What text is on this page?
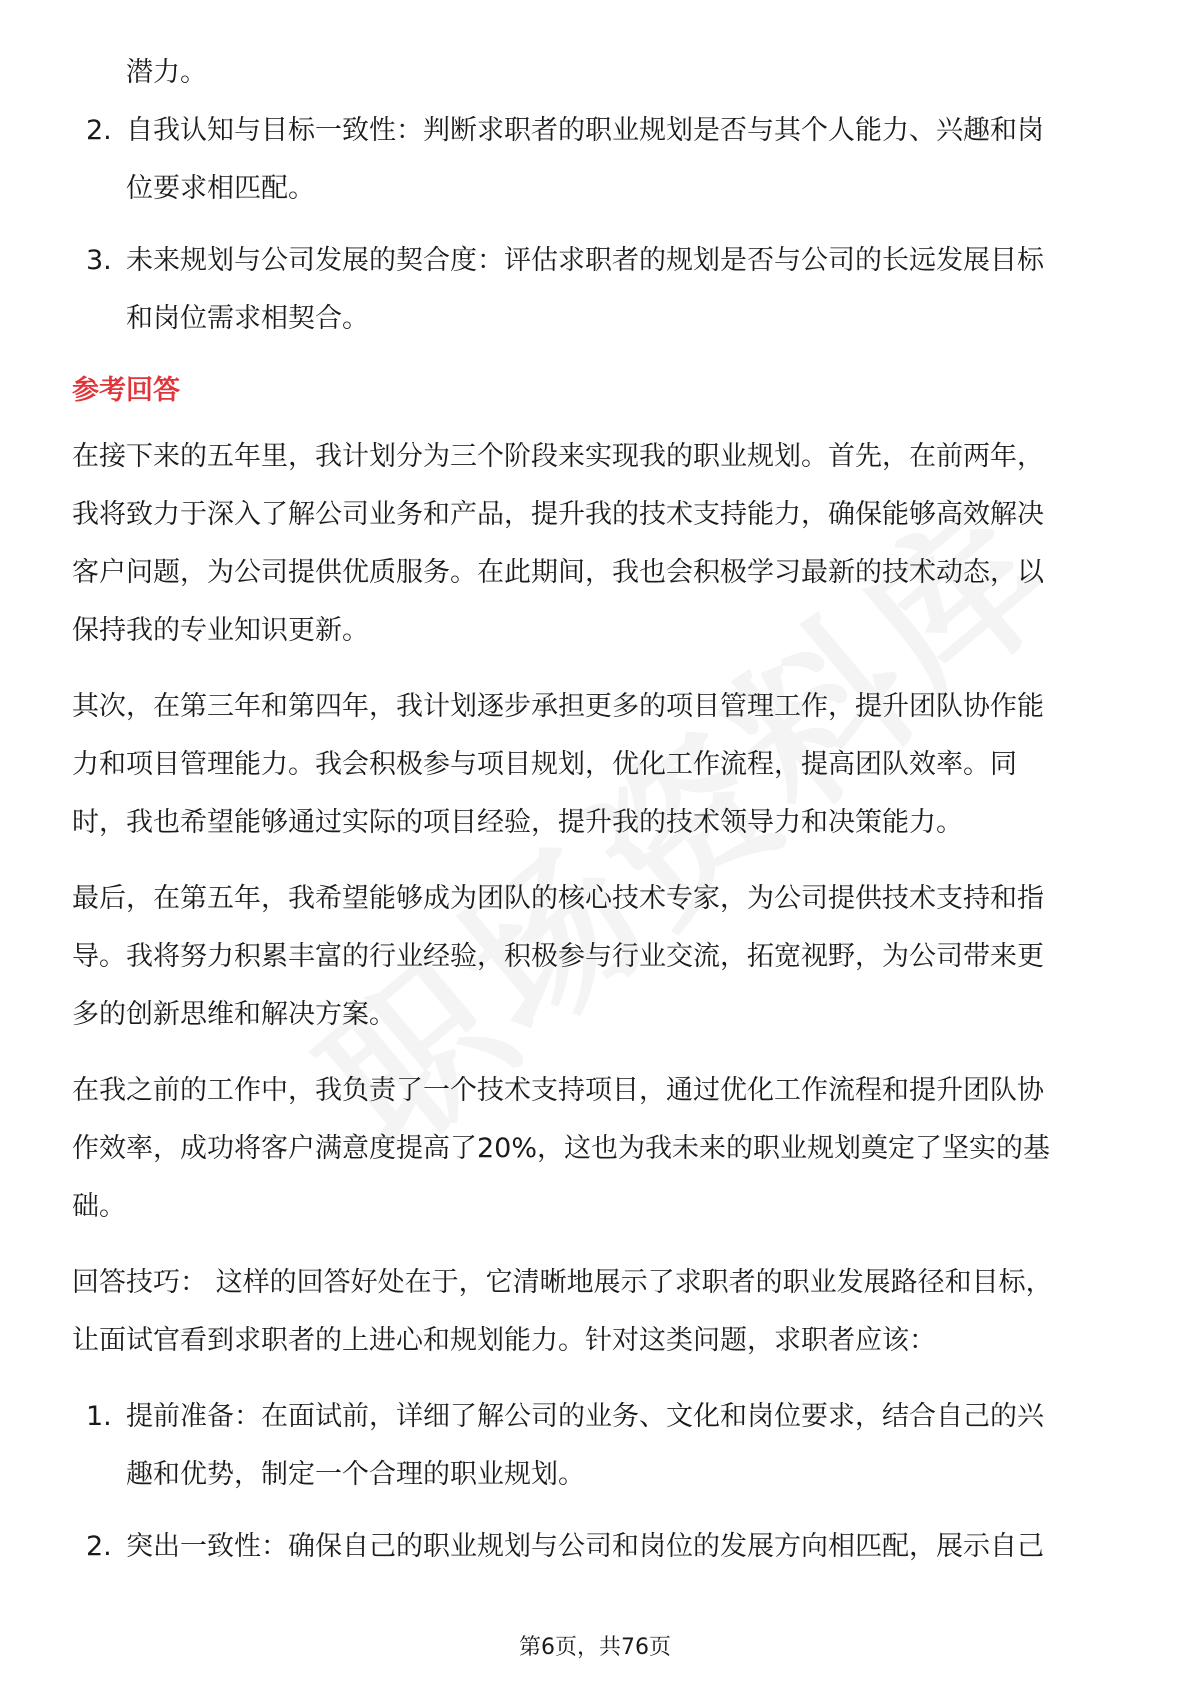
潜力。
2. 自我认知与目标一致性：判断求职者的职业规划是否与其个人能力、兴趣和岗
位要求相匹配。
3. 未来规划与公司发展的契合度：评估求职者的规划是否与公司的长远发展目标
和岗位需求相契合。
参考回答
在接下来的五年里，我计划分为三个阶段来实现我的职业规划。首先，在前两年，
我将致力于深入了解公司业务和产品，提升我的技术支持能力，确保能够高效解决
客户问题，为公司提供优质服务。在此期间，我也会积极学习最新的技术动态，以
保持我的专业知识更新。
其次，在第三年和第四年，我计划逐步承担更多的项目管理工作，提升团队协作能
力和项目管理能力。我会积极参与项目规划，优化工作流程，提高团队效率。同
时，我也希望能够通过实际的项目经验，提升我的技术领导力和决策能力。
最后，在第五年，我希望能够成为团队的核心技术专家，为公司提供技术支持和指
导。我将努力积累丰富的行业经验，积极参与行业交流，拓宽视野，为公司带来更
多的创新思维和解决方案。
在我之前的工作中，我负责了一个技术支持项目，通过优化工作流程和提升团队协
作效率，成功将客户满意度提高了20%，这也为我未来的职业规划奠定了坚实的基
础。
回答技巧： 这样的回答好处在于，它清晰地展示了求职者的职业发展路径和目标，
让面试官看到求职者的上进心和规划能力。针对这类问题，求职者应该：
1. 提前准备：在面试前，详细了解公司的业务、文化和岗位要求，结合自己的兴
趣和优势，制定一个合理的职业规划。
2. 突出一致性：确保自己的职业规划与公司和岗位的发展方向相匹配，展示自己
第6页，共76页
